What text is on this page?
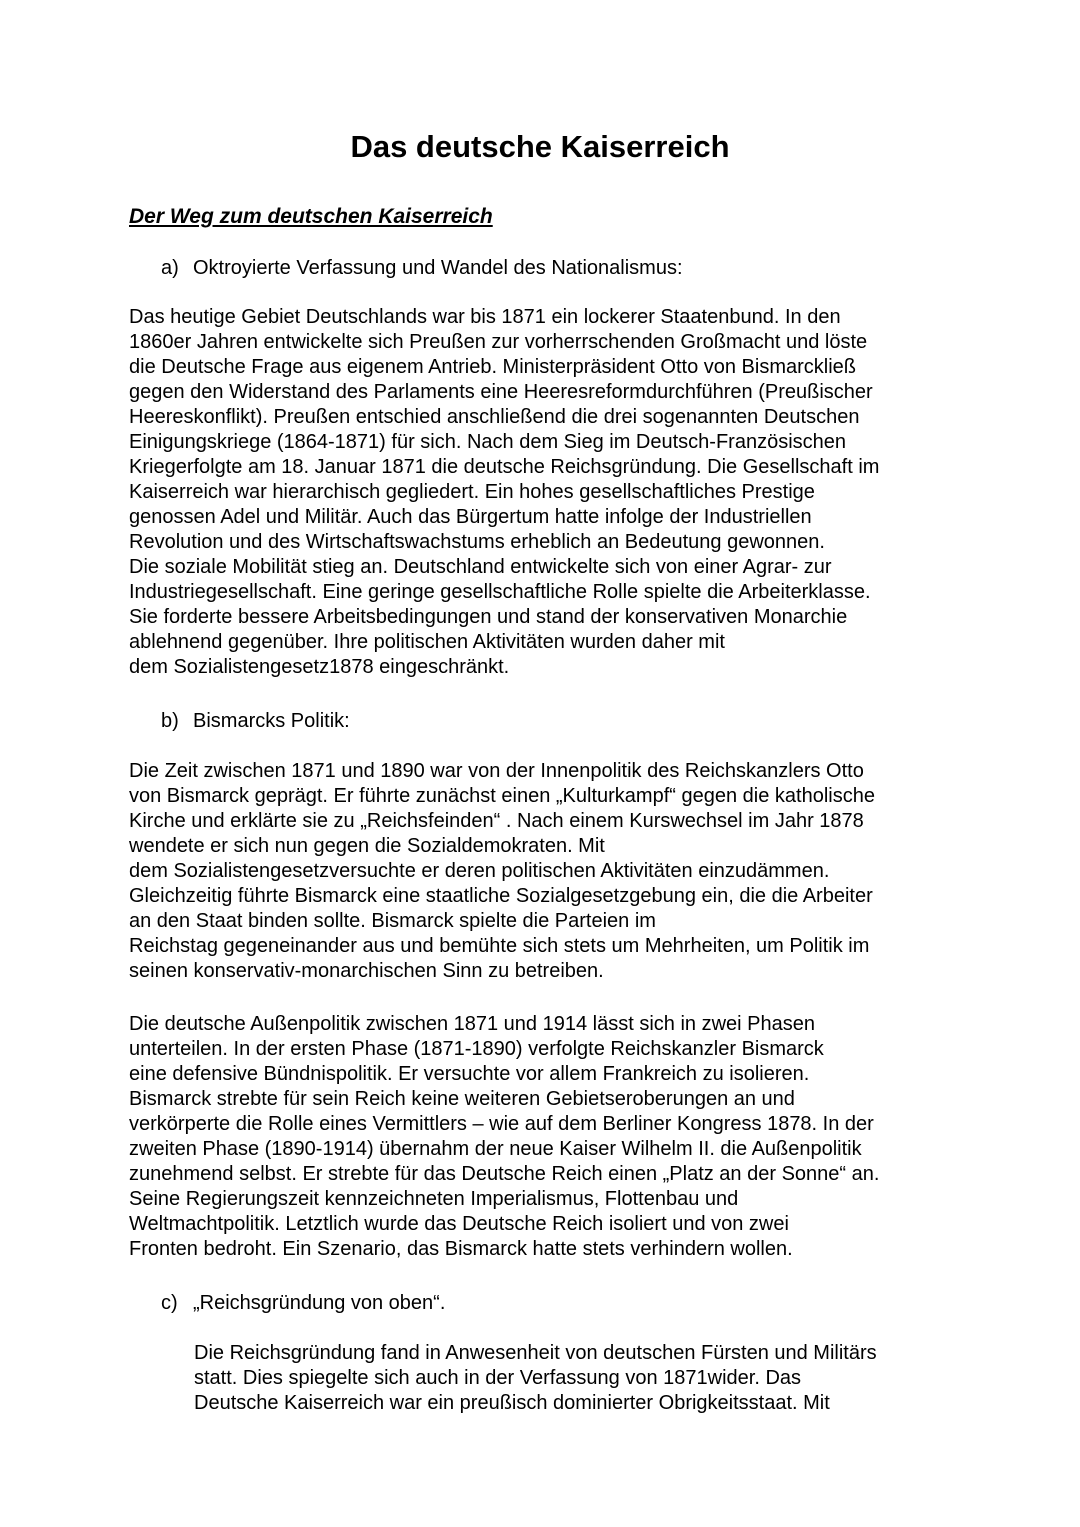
Das deutsche Kaiserreich
Der Weg zum deutschen Kaiserreich
a) Oktroyierte Verfassung und Wandel des Nationalismus:
Das heutige Gebiet Deutschlands war bis 1871 ein lockerer Staatenbund. In den
1860er Jahren entwickelte sich Preußen zur vorherrschenden Großmacht und löste
die Deutsche Frage aus eigenem Antrieb. Ministerpräsident Otto von Bismarckließ
gegen den Widerstand des Parlaments eine Heeresreformdurchführen (Preußischer
Heereskonflikt). Preußen entschied anschließend die drei sogenannten Deutschen
Einigungskriege (1864-1871) für sich. Nach dem Sieg im Deutsch-Französischen
Kriegerfolgte am 18. Januar 1871 die deutsche Reichsgründung. Die Gesellschaft im
Kaiserreich war hierarchisch gegliedert. Ein hohes gesellschaftliches Prestige
genossen Adel und Militär. Auch das Bürgertum hatte infolge der Industriellen
Revolution und des Wirtschaftswachstums erheblich an Bedeutung gewonnen.
Die soziale Mobilität stieg an. Deutschland entwickelte sich von einer Agrar- zur
Industriegesellschaft. Eine geringe gesellschaftliche Rolle spielte die Arbeiterklasse.
Sie forderte bessere Arbeitsbedingungen und stand der konservativen Monarchie
ablehnend gegenüber. Ihre politischen Aktivitäten wurden daher mit
dem Sozialistengesetz1878 eingeschränkt.
b) Bismarcks Politik:
Die Zeit zwischen 1871 und 1890 war von der Innenpolitik des Reichskanzlers Otto
von Bismarck geprägt. Er führte zunächst einen „Kulturkampf“ gegen die katholische
Kirche und erklärte sie zu „Reichsfeinden“ . Nach einem Kurswechsel im Jahr 1878
wendete er sich nun gegen die Sozialdemokraten. Mit
dem Sozialistengesetzversuchte er deren politischen Aktivitäten einzudämmen.
Gleichzeitig führte Bismarck eine staatliche Sozialgesetzgebung ein, die die Arbeiter
an den Staat binden sollte. Bismarck spielte die Parteien im
Reichstag gegeneinander aus und bemühte sich stets um Mehrheiten, um Politik im
seinen konservativ-monarchischen Sinn zu betreiben.
Die deutsche Außenpolitik zwischen 1871 und 1914 lässt sich in zwei Phasen
unterteilen. In der ersten Phase (1871-1890) verfolgte Reichskanzler Bismarck
eine defensive Bündnispolitik. Er versuchte vor allem Frankreich zu isolieren.
Bismarck strebte für sein Reich keine weiteren Gebietseroberungen an und
verkörperte die Rolle eines Vermittlers – wie auf dem Berliner Kongress 1878. In der
zweiten Phase (1890-1914) übernahm der neue Kaiser Wilhelm II. die Außenpolitik
zunehmend selbst. Er strebte für das Deutsche Reich einen „Platz an der Sonne“ an.
Seine Regierungszeit kennzeichneten Imperialismus, Flottenbau und
Weltmachtpolitik. Letztlich wurde das Deutsche Reich isoliert und von zwei
Fronten bedroht. Ein Szenario, das Bismarck hatte stets verhindern wollen.
c) „Reichsgründung von oben“.
Die Reichsgründung fand in Anwesenheit von deutschen Fürsten und Militärs
statt. Dies spiegelte sich auch in der Verfassung von 1871wider. Das
Deutsche Kaiserreich war ein preußisch dominierter Obrigkeitsstaat. Mit
